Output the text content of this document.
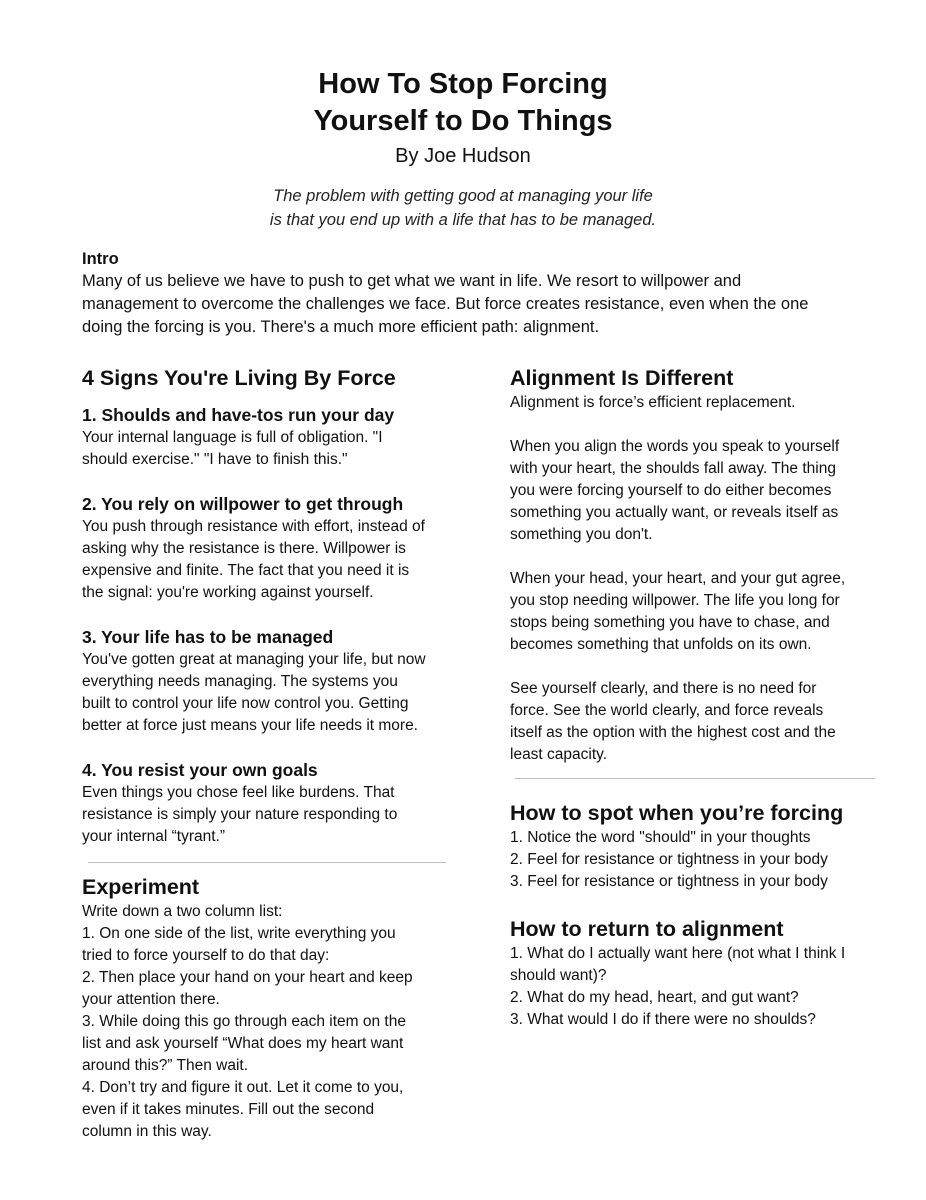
How To Stop Forcing
Yourself to Do Things
By Joe Hudson
The problem with getting good at managing your life
is that you end up with a life that has to be managed.
Intro
Many of us believe we have to push to get what we want in life. We resort to willpower and
management to overcome the challenges we face. But force creates resistance, even when the one
doing the forcing is you. There's a much more efficient path: alignment.
4 Signs You're Living By Force
1. Shoulds and have-tos run your day
Your internal language is full of obligation. "I
should exercise." "I have to finish this."
2. You rely on willpower to get through
You push through resistance with effort, instead of
asking why the resistance is there. Willpower is
expensive and finite. The fact that you need it is
the signal: you're working against yourself.
3. Your life has to be managed
You've gotten great at managing your life, but now
everything needs managing. The systems you
built to control your life now control you. Getting
better at force just means your life needs it more.
4. You resist your own goals
Even things you chose feel like burdens. That
resistance is simply your nature responding to
your internal “tyrant.”
Experiment
Write down a two column list:
1. On one side of the list, write everything you
tried to force yourself to do that day:
2. Then place your hand on your heart and keep
your attention there.
3. While doing this go through each item on the
list and ask yourself “What does my heart want
around this?” Then wait.
4. Don’t try and figure it out. Let it come to you,
even if it takes minutes. Fill out the second
column in this way.
Alignment Is Different
Alignment is force’s efficient replacement.
When you align the words you speak to yourself
with your heart, the shoulds fall away. The thing
you were forcing yourself to do either becomes
something you actually want, or reveals itself as
something you don't.
When your head, your heart, and your gut agree,
you stop needing willpower. The life you long for
stops being something you have to chase, and
becomes something that unfolds on its own.
See yourself clearly, and there is no need for
force. See the world clearly, and force reveals
itself as the option with the highest cost and the
least capacity.
How to spot when you’re forcing
1. Notice the word "should" in your thoughts
2. Feel for resistance or tightness in your body
3. Feel for resistance or tightness in your body
How to return to alignment
1. What do I actually want here (not what I think I
should want)?
2. What do my head, heart, and gut want?
3. What would I do if there were no shoulds?
